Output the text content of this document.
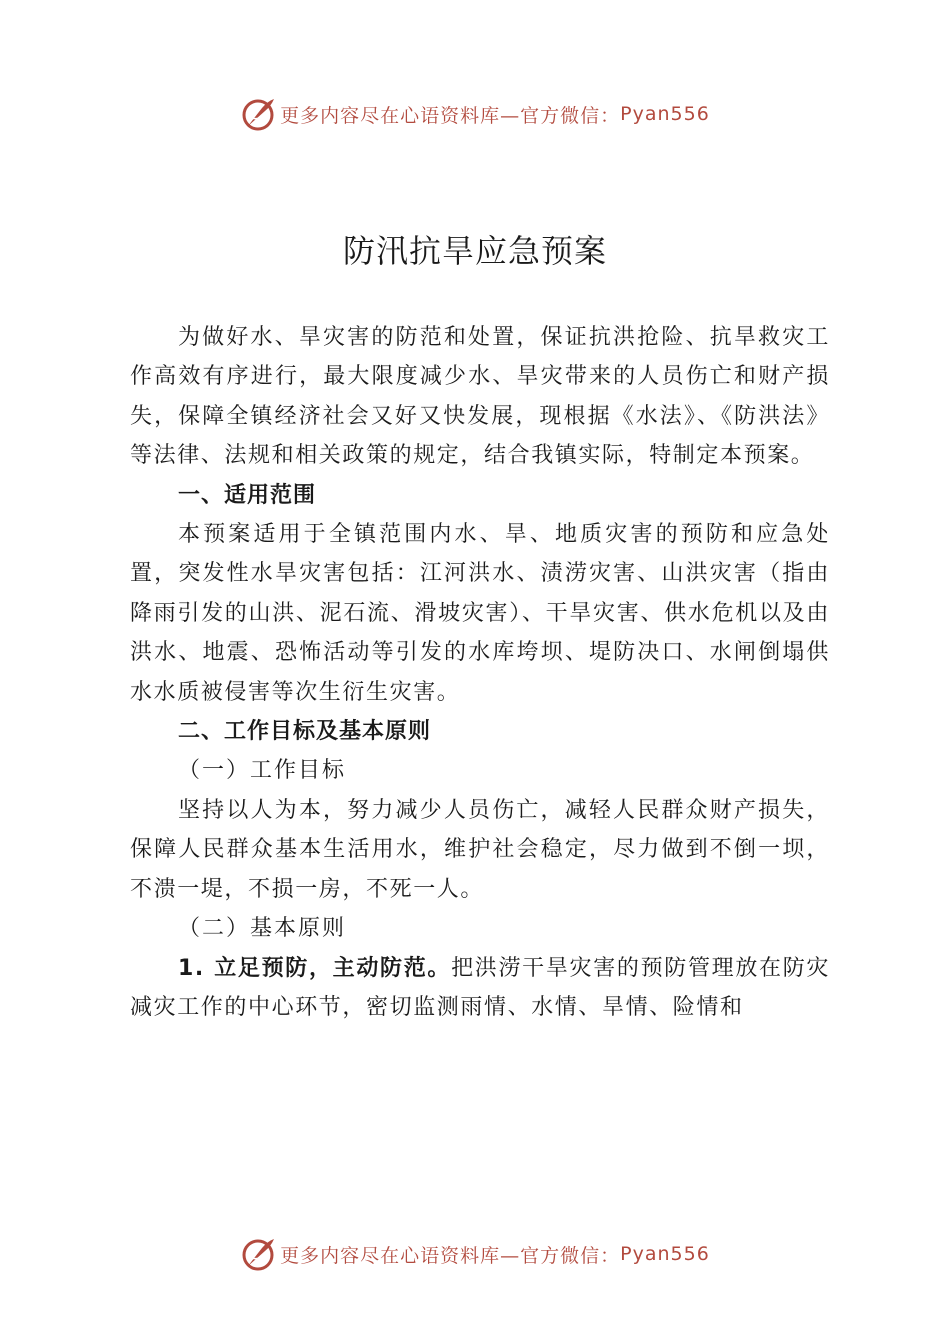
更多内容尽在心语资料库—官方微信： Pyan556
防汛抗旱应急预案

为做好水、旱灾害的防范和处置，保证抗洪抢险、抗旱救灾工作高效有序进行，最大限度减少水、旱灾带来的人员伤亡和财产损失，保障全镇经济社会又好又快发展，现根据《水法》、《防洪法》等法律、法规和相关政策的规定，结合我镇实际，特制定本预案。

一、适用范围

本预案适用于全镇范围内水、旱、地质灾害的预防和应急处置，突发性水旱灾害包括：江河洪水、渍涝灾害、山洪灾害（指由降雨引发的山洪、泥石流、滑坡灾害）、干旱灾害、供水危机以及由洪水、地震、恐怖活动等引发的水库垮坝、堤防决口、水闸倒塌供水水质被侵害等次生衍生灾害。

二、工作目标及基本原则

（一）工作目标

坚持以人为本，努力减少人员伤亡，减轻人民群众财产损失，保障人民群众基本生活用水，维护社会稳定，尽力做到不倒一坝，不溃一堤，不损一房，不死一人。

（二）基本原则

1. 立足预防，主动防范。把洪涝干旱灾害的预防管理放在防灾减灾工作的中心环节，密切监测雨情、水情、旱情、险情和

更多内容尽在心语资料库—官方微信： Pyan556
